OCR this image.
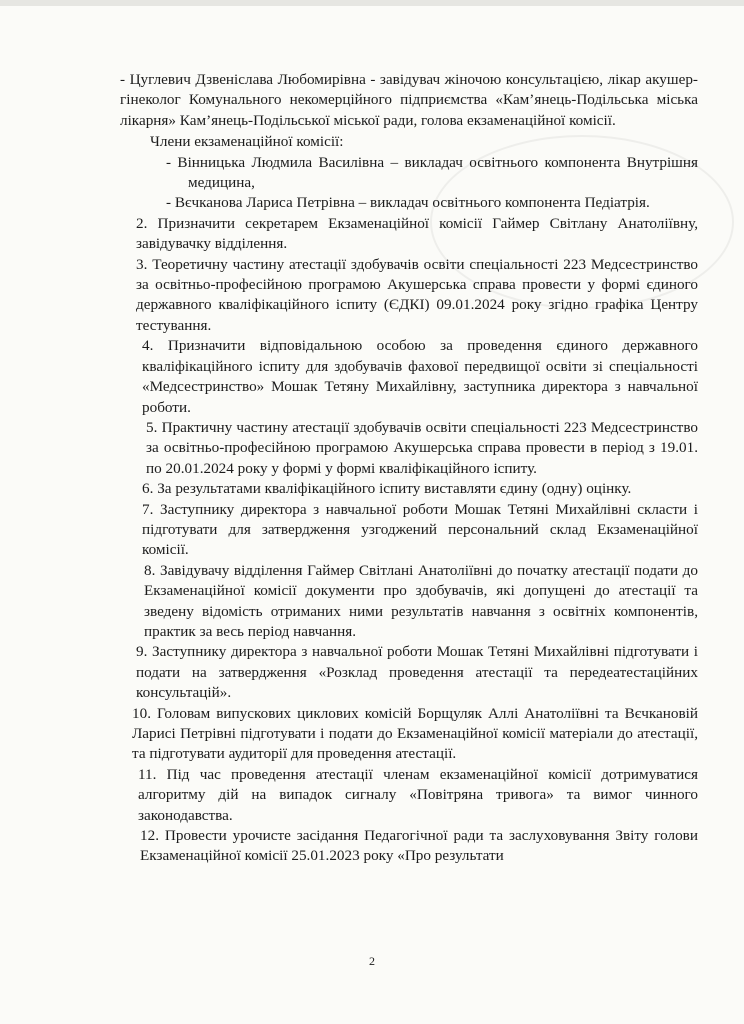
- Цуглевич Дзвеніслава Любомирівна - завідувач жіночою консультацією, лікар акушер-гінеколог Комунального некомерційного підприємства «Кам’янець-Подільська міська лікарня» Кам’янець-Подільської міської ради, голова екзаменаційної комісії.

Члени екзаменаційної комісії:

- Вінницька Людмила Василівна – викладач освітнього компонента Внутрішня медицина,
- Вєчканова Лариса Петрівна – викладач освітнього компонента Педіатрія.
2. Призначити секретарем Екзаменаційної комісії Гаймер Світлану Анатоліївну, завідувачку відділення.
3. Теоретичну частину атестації здобувачів освіти спеціальності 223 Медсестринство за освітньо-професійною програмою Акушерська справа провести у формі єдиного державного кваліфікаційного іспиту (ЄДКІ) 09.01.2024 року згідно графіка Центру тестування.
4. Призначити відповідальною особою за проведення єдиного державного кваліфікаційного іспиту для здобувачів фахової передвищої освіти зі спеціальності «Медсестринство» Мошак Тетяну Михайлівну, заступника директора з навчальної роботи.
5. Практичну частину атестації здобувачів освіти спеціальності 223 Медсестринство за освітньо-професійною програмою Акушерська справа провести в період з 19.01. по 20.01.2024 року у формі у формі кваліфікаційного іспиту.
6. За результатами кваліфікаційного іспиту виставляти єдину (одну) оцінку.
7. Заступнику директора з навчальної роботи Мошак Тетяні Михайлівні скласти і підготувати для затвердження узгоджений персональний склад Екзаменаційної комісії.
8. Завідувачу відділення Гаймер Світлані Анатоліївні до початку атестації подати до Екзаменаційної комісії документи про здобувачів, які допущені до атестації та зведену відомість отриманих ними результатів навчання з освітніх компонентів, практик за весь період навчання.
9. Заступнику директора з навчальної роботи Мошак Тетяні Михайлівні підготувати і подати на затвердження «Розклад проведення атестації та передеатестаційних консультацій».
10. Головам випускових циклових комісій Борщуляк Аллі Анатоліївні та Вєчкановій Ларисі Петрівні підготувати і подати до Екзаменаційної комісії матеріали до атестації, та підготувати аудиторії для проведення атестації.
11. Під час проведення атестації членам екзаменаційної комісії дотримуватися алгоритму дій на випадок сигналу «Повітряна тривога» та вимог чинного законодавства.
12. Провести урочисте засідання Педагогічної ради та заслуховування Звіту голови Екзаменаційної комісії 25.01.2023 року «Про результати
2
